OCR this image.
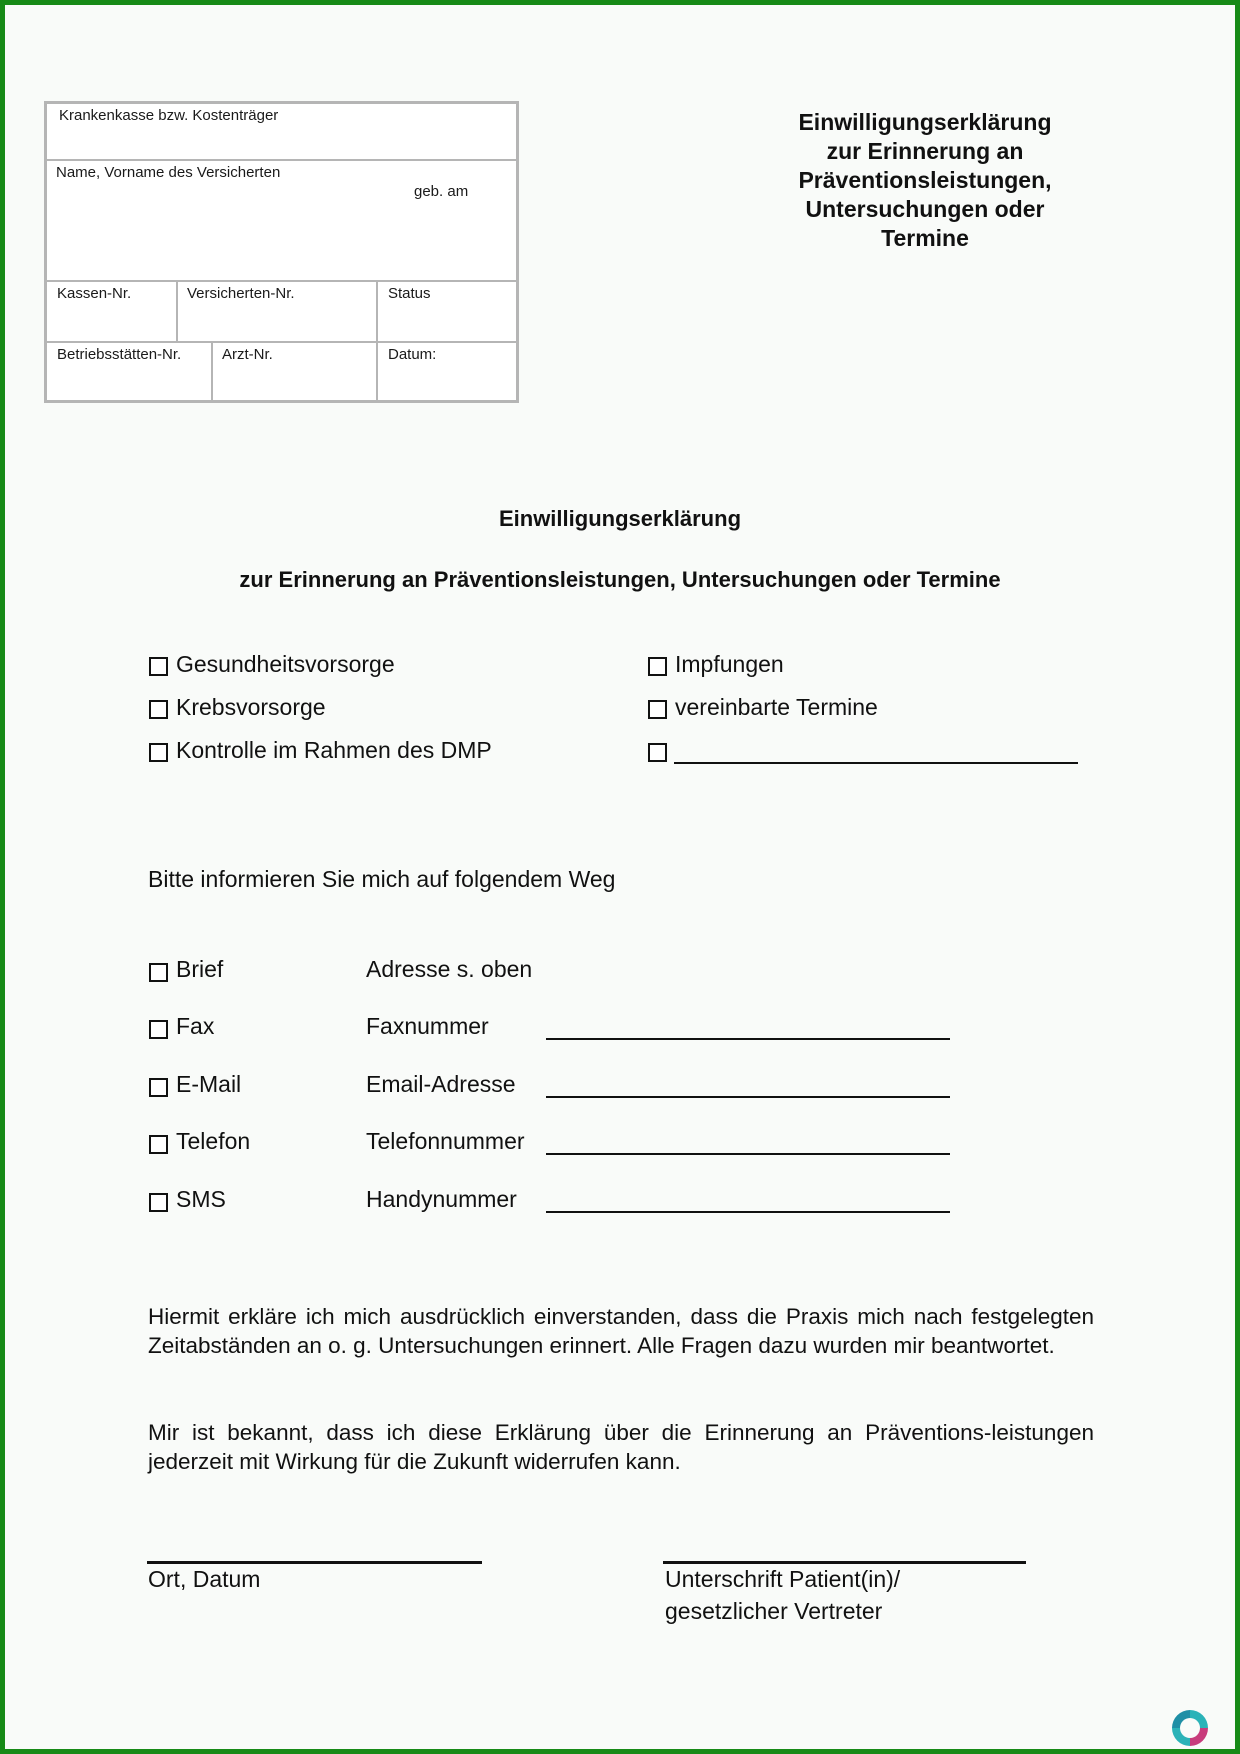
Krankenkasse bzw. Kostenträger
Name, Vorname des Versicherten
geb. am
Kassen-Nr.	Versicherten-Nr.	Status
Betriebsstätten-Nr.	Arzt-Nr.	Datum:
Einwilligungserklärung
zur Erinnerung an
Präventionsleistungen,
Untersuchungen oder
Termine
Einwilligungserklärung
zur Erinnerung an Präventionsleistungen, Untersuchungen oder Termine
Gesundheitsvorsorge
Krebsvorsorge
Kontrolle im Rahmen des DMP
Impfungen
vereinbarte Termine
Bitte informieren Sie mich auf folgendem Weg
Brief	Adresse s. oben
Fax	Faxnummer
E-Mail	Email-Adresse
Telefon	Telefonnummer
SMS	Handynummer
Hiermit erkläre ich mich ausdrücklich einverstanden, dass die Praxis mich nach festgelegten Zeitabständen an o. g. Untersuchungen erinnert. Alle Fragen dazu wurden mir beantwortet.
Mir ist bekannt, dass ich diese Erklärung über die Erinnerung an Präventions-leistungen jederzeit mit Wirkung für die Zukunft widerrufen kann.
Ort, Datum	Unterschrift Patient(in)/
gesetzlicher Vertreter
